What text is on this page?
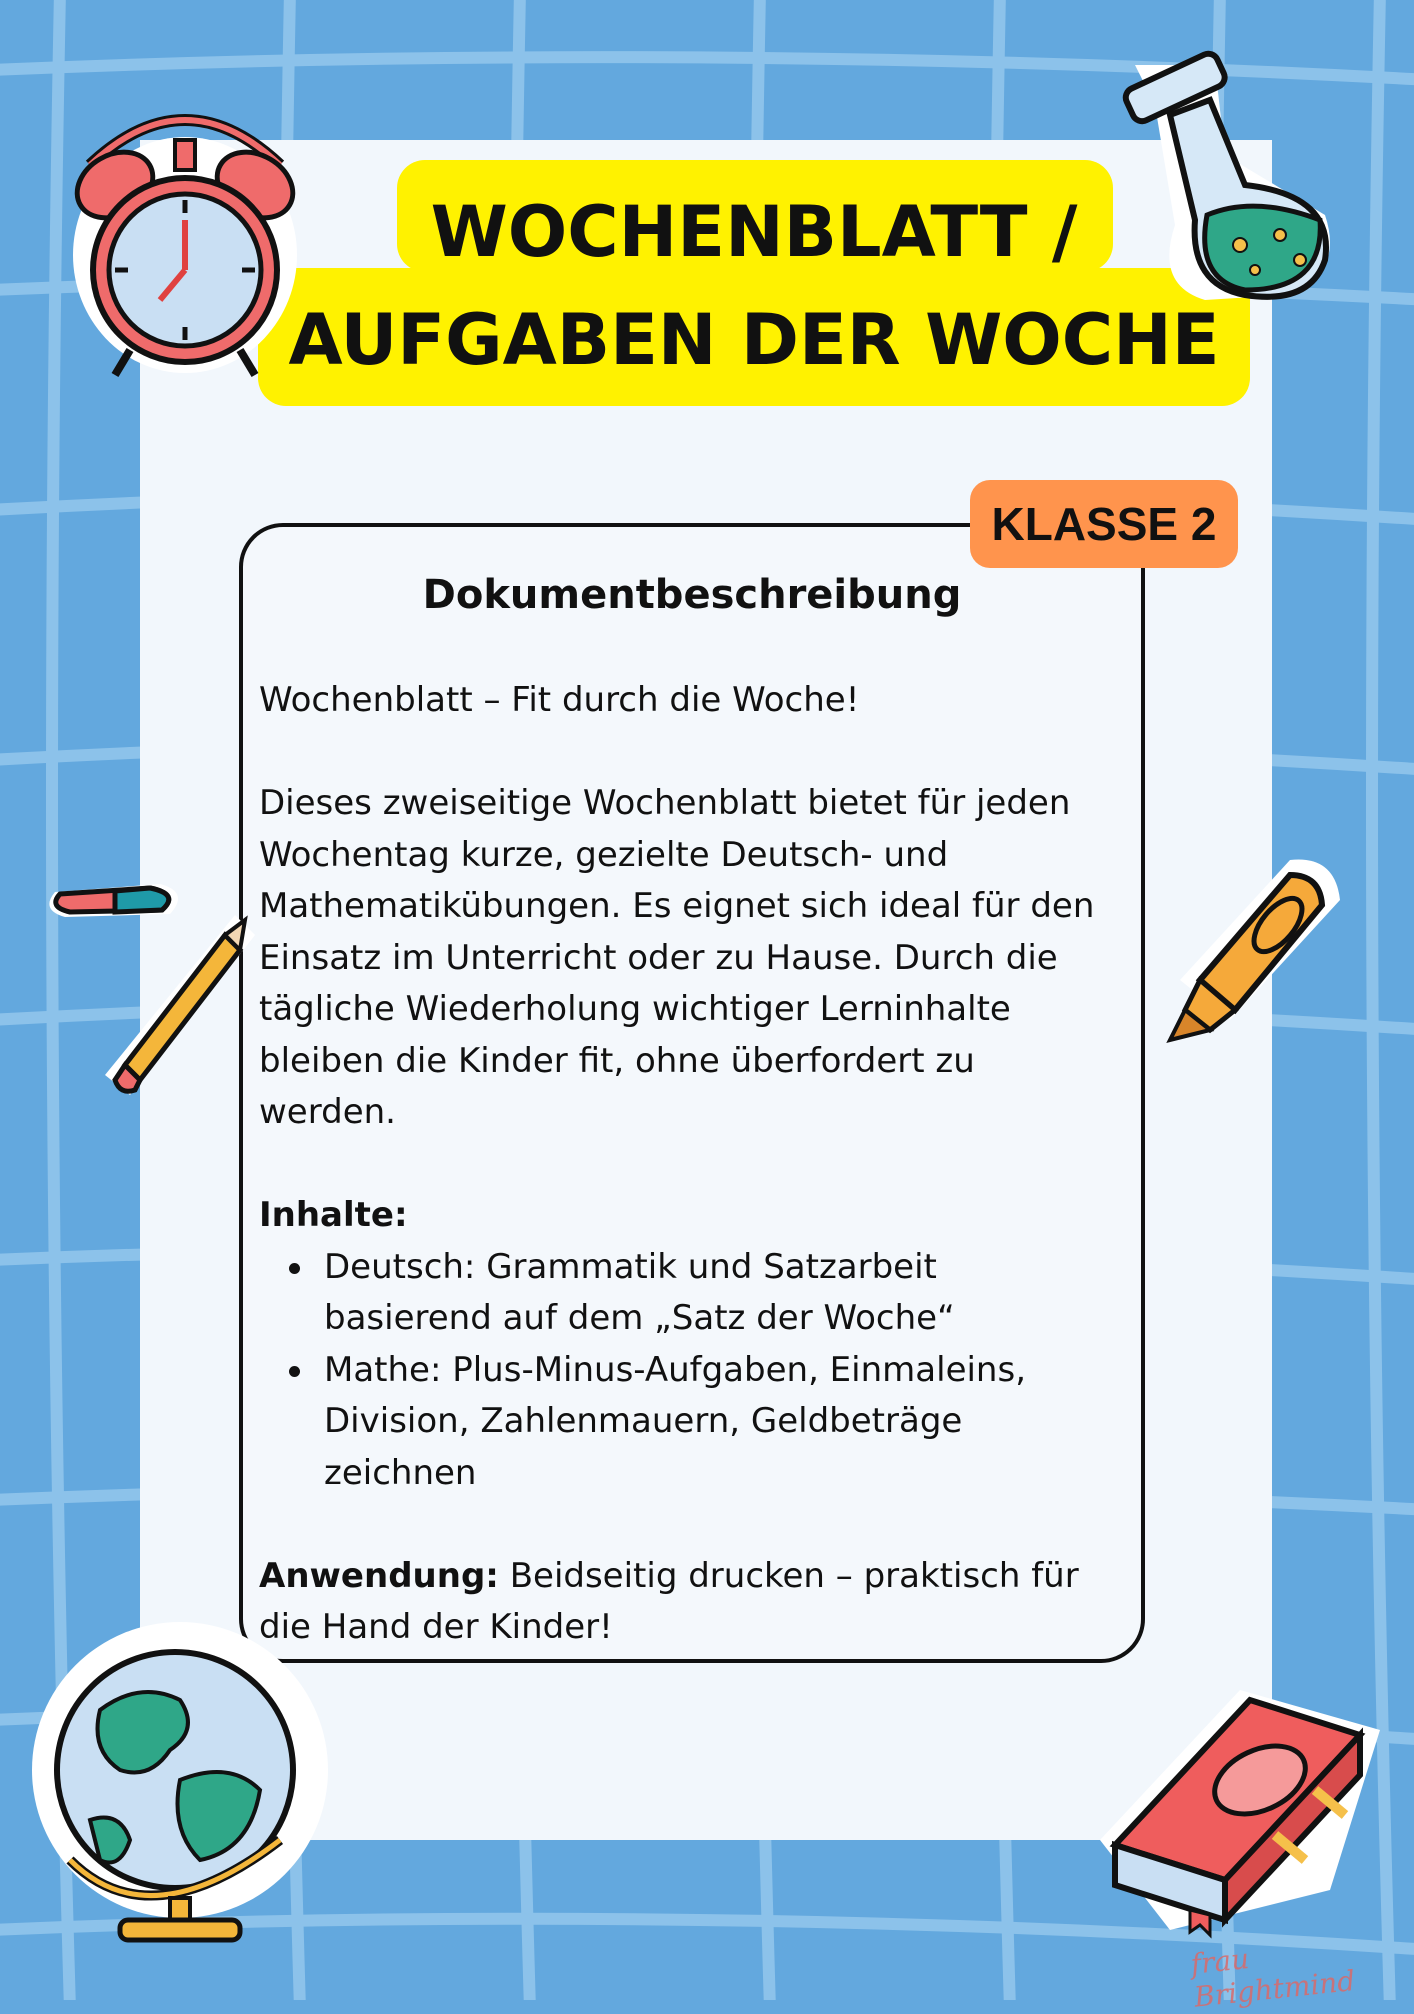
WOCHENBLATT /
AUFGABEN DER WOCHE
KLASSE 2
Dokumentbeschreibung

Wochenblatt – Fit durch die Woche!

Dieses zweiseitige Wochenblatt bietet für jeden

Wochentag kurze, gezielte Deutsch- und

Mathematikübungen. Es eignet sich ideal für den

Einsatz im Unterricht oder zu Hause. Durch die

tägliche Wiederholung wichtiger Lerninhalte

bleiben die Kinder fit, ohne überfordert zu

werden.

Inhalte:

Deutsch: Grammatik und Satzarbeit
basierend auf dem „Satz der Woche“
Mathe: Plus-Minus-Aufgaben, Einmaleins,
Division, Zahlenmauern, Geldbeträge
zeichnen

Anwendung: Beidseitig drucken – praktisch für

die Hand der Kinder!

frau Brightmind
